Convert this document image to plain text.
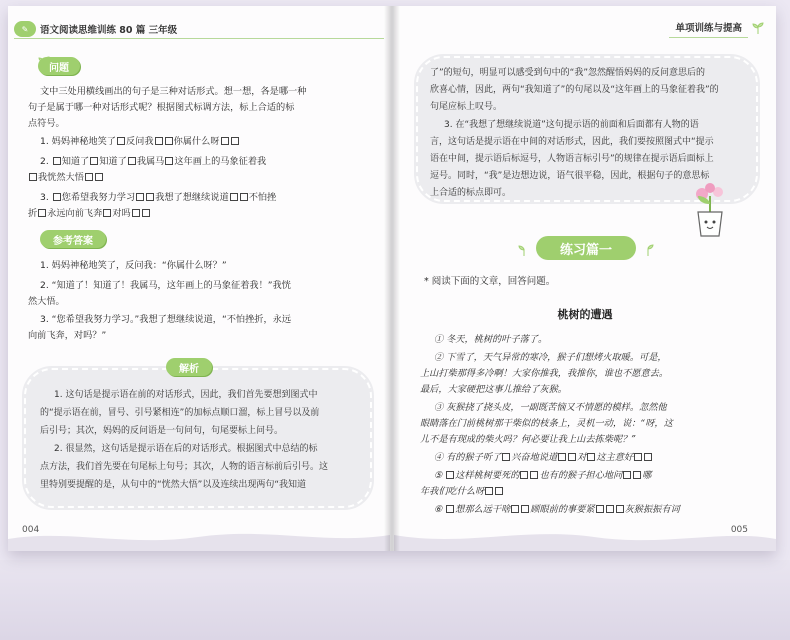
✎	语文阅读思维训练 80 篇 三年级
问题
文中三处用横线画出的句子是三种对话形式。想一想，各是哪一种
句子是属于哪一种对话形式呢？根据图式标调方法，标上合适的标
点符号。
1. 妈妈神秘地笑了 反问我 你属什么呀
2. 知道了 知道了 我属马 这年画上的马象征着我
我恍然大悟
3. 您希望我努力学习 我想了想继续说道 不怕挫
折 永远向前飞奔 对吗
参考答案
1. 妈妈神秘地笑了，反问我：“你属什么呀？”
2. “知道了！知道了！我属马，这年画上的马象征着我！”我恍
然大悟。
3. “您希望我努力学习。”我想了想继续说道，“不怕挫折，永远
向前飞奔，对吗？”
解析
1. 这句话是提示语在前的对话形式，因此，我们首先要想到图式中
的“提示语在前，冒号、引号紧相连”的加标点顺口溜，标上冒号以及前
后引号；其次，妈妈的反问语是一句问句，句尾要标上问号。
2. 很显然，这句话是提示语在后的对话形式。根据图式中总结的标
点方法，我们首先要在句尾标上句号；其次，人物的语言标前后引号。这
里特别要提醒的是，从句中的“恍然大悟”以及连续出现两句“我知道
004
单项训练与提高
了”的短句，明显可以感受到句中的“我”忽然醒悟妈妈的反问意思后的
欣喜心情，因此，两句“我知道了”的句尾以及“这年画上的马象征着我”的
句尾应标上叹号。
3. 在“我想了想继续说道”这句提示语的前面和后面都有人物的语
言，这句话是提示语在中间的对话形式，因此，我们要按照图式中“提示
语在中间，提示语后标逗号，人物语言标引号”的规律在提示语后面标上
逗号。同时，“我”是边想边说，语气很平稳，因此，根据句子的意思标
上合适的标点即可。
练习篇一
* 阅读下面的文章，回答问题。
桃树的遭遇
① 冬天，桃树的叶子落了。
② 下雪了，天气异常的寒冷，猴子们想烤火取暖。可是，
上山打柴那得多冷啊！大家你推我，我推你，谁也不愿意去。
最后，大家硬把这事儿推给了灰猴。
③ 灰猴挠了挠头皮，一副既苦恼又不情愿的模样。忽然他
眼睛落在门前桃树那干柴似的枝条上，灵机一动，说：“呀，这
儿不是有现成的柴火吗？何必要让我上山去拣柴呢？”
④ 有的猴子听了 兴奋地说道 对 这主意好
⑤ 这样桃树要死的 也有的猴子担心地问 哪
年我们吃什么呀
⑥ 想那么远干啥 顾眼前的事要紧	灰猴振振有词
005
